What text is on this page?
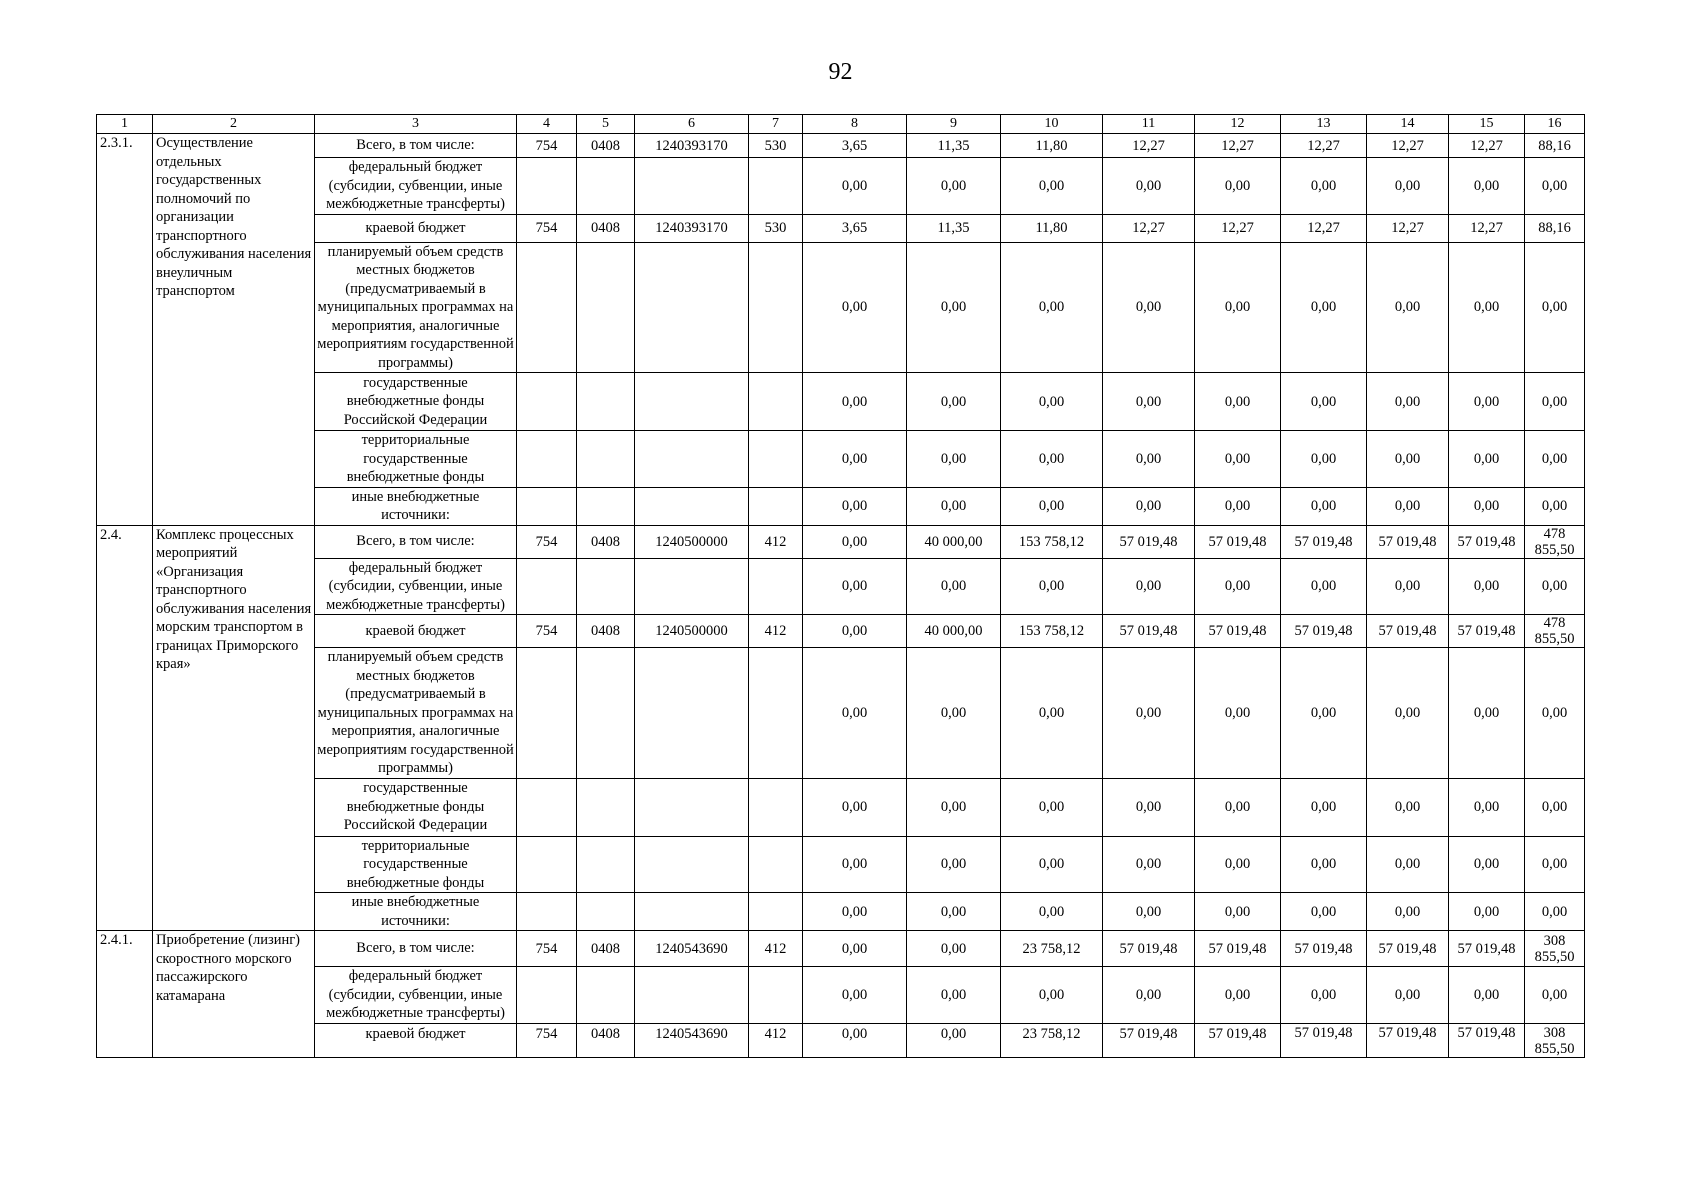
92
1	2	3	4	5	6	7	8	9	10	11	12	13	14	15	16
2.3.1.	Осуществление отдельных государственных полномочий по организации транспортного обслуживания населения внеуличным транспортом	Всего, в том числе:	754	0408	1240393170	530	3,65	11,35	11,80	12,27	12,27	12,27	12,27	12,27	88,16
		федеральный бюджет (субсидии, субвенции, иные межбюджетные трансферты)					0,00	0,00	0,00	0,00	0,00	0,00	0,00	0,00	0,00
		краевой бюджет	754	0408	1240393170	530	3,65	11,35	11,80	12,27	12,27	12,27	12,27	12,27	88,16
		планируемый объем средств местных бюджетов (предусматриваемый в муниципальных программах на мероприятия, аналогичные мероприятиям государственной программы)					0,00	0,00	0,00	0,00	0,00	0,00	0,00	0,00	0,00
		государственные внебюджетные фонды Российской Федерации					0,00	0,00	0,00	0,00	0,00	0,00	0,00	0,00	0,00
		территориальные государственные внебюджетные фонды					0,00	0,00	0,00	0,00	0,00	0,00	0,00	0,00	0,00
		иные внебюджетные источники:					0,00	0,00	0,00	0,00	0,00	0,00	0,00	0,00	0,00
2.4.	Комплекс процессных мероприятий «Организация транспортного обслуживания населения морским транспортом в границах Приморского края»	Всего, в том числе:	754	0408	1240500000	412	0,00	40 000,00	153 758,12	57 019,48	57 019,48	57 019,48	57 019,48	57 019,48	478 855,50
		федеральный бюджет (субсидии, субвенции, иные межбюджетные трансферты)					0,00	0,00	0,00	0,00	0,00	0,00	0,00	0,00	0,00
		краевой бюджет	754	0408	1240500000	412	0,00	40 000,00	153 758,12	57 019,48	57 019,48	57 019,48	57 019,48	57 019,48	478 855,50
		планируемый объем средств местных бюджетов (предусматриваемый в муниципальных программах на мероприятия, аналогичные мероприятиям государственной программы)					0,00	0,00	0,00	0,00	0,00	0,00	0,00	0,00	0,00
		государственные внебюджетные фонды Российской Федерации					0,00	0,00	0,00	0,00	0,00	0,00	0,00	0,00	0,00
		территориальные государственные внебюджетные фонды					0,00	0,00	0,00	0,00	0,00	0,00	0,00	0,00	0,00
		иные внебюджетные источники:					0,00	0,00	0,00	0,00	0,00	0,00	0,00	0,00	0,00
2.4.1.	Приобретение (лизинг) скоростного морского пассажирского катамарана	Всего, в том числе:	754	0408	1240543690	412	0,00	0,00	23 758,12	57 019,48	57 019,48	57 019,48	57 019,48	57 019,48	308 855,50
		федеральный бюджет (субсидии, субвенции, иные межбюджетные трансферты)					0,00	0,00	0,00	0,00	0,00	0,00	0,00	0,00	0,00
		краевой бюджет	754	0408	1240543690	412	0,00	0,00	23 758,12	57 019,48	57 019,48	57 019,48	57 019,48	57 019,48	308 855,50
